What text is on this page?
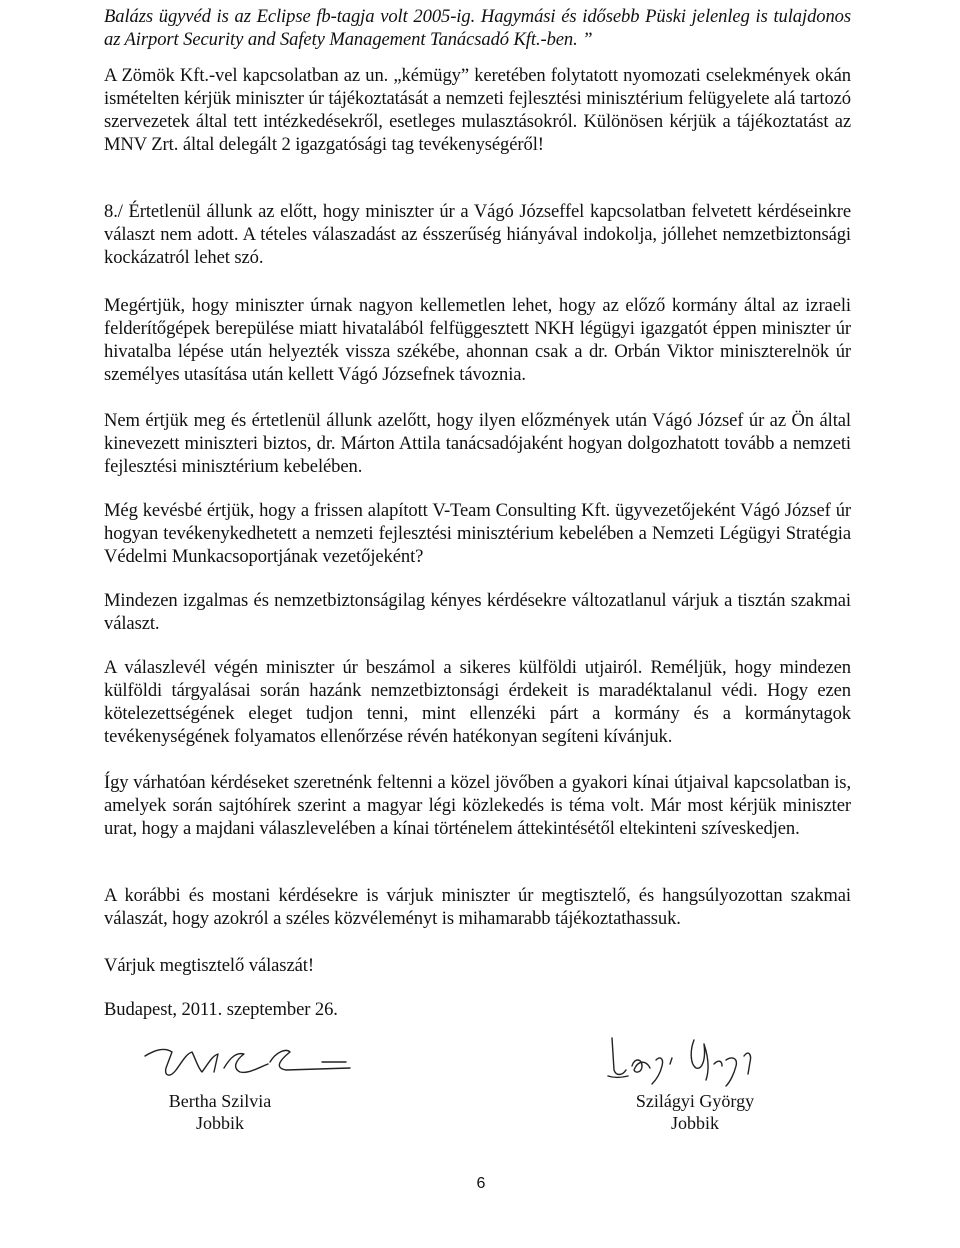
Balázs ügyvéd is az Eclipse fb-tagja volt 2005-ig. Hagymási és idősebb Püski jelenleg is tulajdonos az Airport Security and Safety Management Tanácsadó Kft.-ben. ”

A Zömök Kft.-vel kapcsolatban az un. „kémügy” keretében folytatott nyomozati cselekmények okán ismételten kérjük miniszter úr tájékoztatását a nemzeti fejlesztési minisztérium felügyelete alá tartozó szervezetek által tett intézkedésekről, esetleges mulasztásokról. Különösen kérjük a tájékoztatást az MNV Zrt. által delegált 2 igazgatósági tag tevékenységéről!

8./ Értetlenül állunk az előtt, hogy miniszter úr a Vágó Józseffel kapcsolatban felvetett kérdéseinkre választ nem adott. A tételes válaszadást az ésszerűség hiányával indokolja, jóllehet nemzetbiztonsági kockázatról lehet szó.

Megértjük, hogy miniszter úrnak nagyon kellemetlen lehet, hogy az előző kormány által az izraeli felderítőgépek berepülése miatt hivatalából felfüggesztett NKH légügyi igazgatót éppen miniszter úr hivatalba lépése után helyezték vissza székébe, ahonnan csak a dr. Orbán Viktor miniszterelnök úr személyes utasítása után kellett Vágó Józsefnek távoznia.

Nem értjük meg és értetlenül állunk azelőtt, hogy ilyen előzmények után Vágó József úr az Ön által kinevezett miniszteri biztos, dr. Márton Attila tanácsadójaként hogyan dolgozhatott tovább a nemzeti fejlesztési minisztérium kebelében.

Még kevésbé értjük, hogy a frissen alapított V-Team Consulting Kft. ügyvezetőjeként Vágó József úr hogyan tevékenykedhetett a nemzeti fejlesztési minisztérium kebelében a Nemzeti Légügyi Stratégia Védelmi Munkacsoportjának vezetőjeként?

Mindezen izgalmas és nemzetbiztonságilag kényes kérdésekre változatlanul várjuk a tisztán szakmai választ.

A válaszlevél végén miniszter úr beszámol a sikeres külföldi utjairól. Reméljük, hogy mindezen külföldi tárgyalásai során hazánk nemzetbiztonsági érdekeit is maradéktalanul védi. Hogy ezen kötelezettségének eleget tudjon tenni, mint ellenzéki párt a kormány és a kormánytagok tevékenységének folyamatos ellenőrzése révén hatékonyan segíteni kívánjuk.

Így várhatóan kérdéseket szeretnénk feltenni a közel jövőben a gyakori kínai útjaival kapcsolatban is, amelyek során sajtóhírek szerint a magyar légi közlekedés is téma volt. Már most kérjük miniszter urat, hogy a majdani válaszlevelében a kínai történelem áttekintésétől eltekinteni szíveskedjen.

A korábbi és mostani kérdésekre is várjuk miniszter úr megtisztelő, és hangsúlyozottan szakmai válaszát, hogy azokról a széles közvéleményt is mihamarabb tájékoztathassuk.

Várjuk megtisztelő válaszát!

Budapest, 2011. szeptember 26.

Bertha Szilvia
Jobbik
Szilágyi György
Jobbik
6
